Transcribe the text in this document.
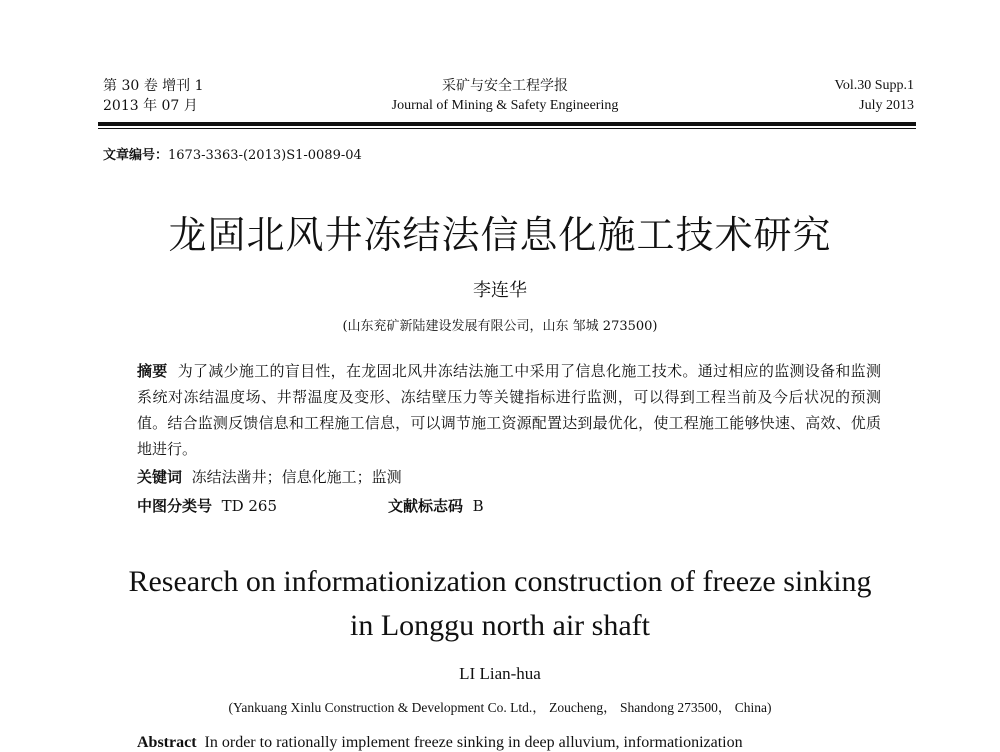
第 30 卷 增刊 1
2013 年 07 月
采矿与安全工程学报
Journal of Mining & Safety Engineering
Vol.30 Supp.1
July 2013
文章编号：1673-3363-(2013)S1-0089-04
龙固北风井冻结法信息化施工技术研究
李连华
(山东兖矿新陆建设发展有限公司，山东 邹城 273500)
摘要 为了减少施工的盲目性，在龙固北风井冻结法施工中采用了信息化施工技术。通过相应的监测设备和监测系统对冻结温度场、井帮温度及变形、冻结壁压力等关键指标进行监测，可以得到工程当前及今后状况的预测值。结合监测反馈信息和工程施工信息，可以调节施工资源配置达到最优化，使工程施工能够快速、高效、优质地进行。
关键词 冻结法凿井；信息化施工；监测
中图分类号 TD 265	文献标志码 B
Research on informationization construction of freeze sinking
in Longgu north air shaft
LI Lian-hua
(Yankuang Xinlu Construction & Development Co. Ltd.， Zoucheng， Shandong 273500， China)
Abstract In order to rationally implement freeze sinking in deep alluvium, informationization
